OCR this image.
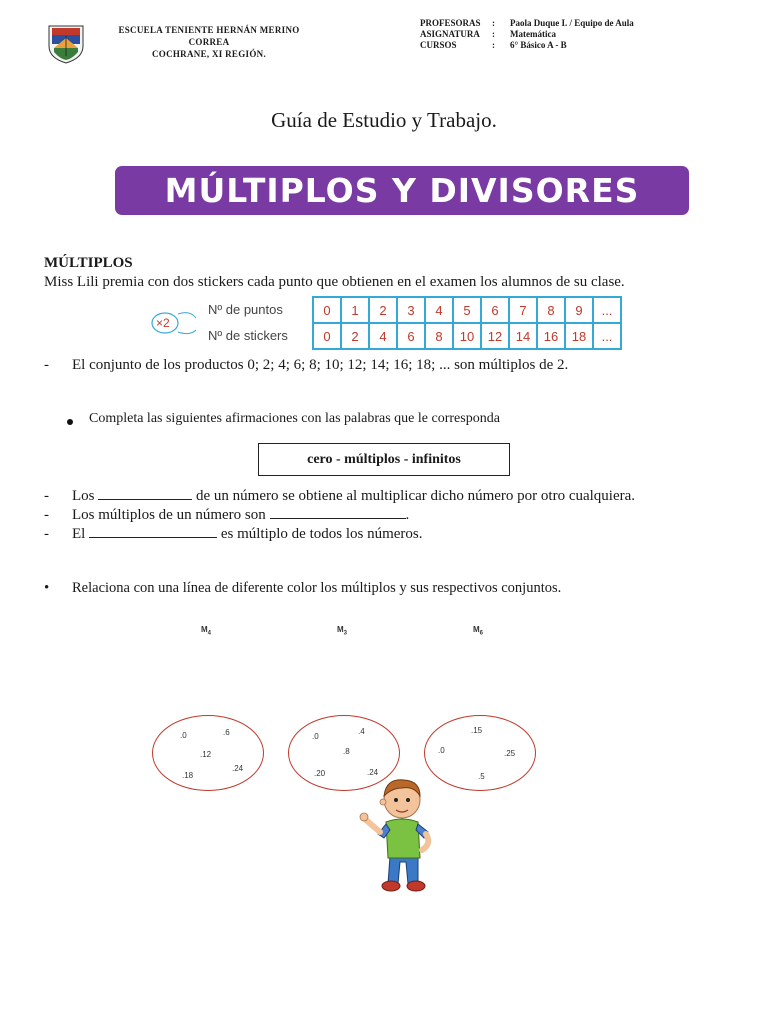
ESCUELA TENIENTE HERNÁN MERINO
CORREA
COCHRANE, XI REGIÓN.
PROFESORAS	:	Paola Duque I. / Equipo de Aula
ASIGNATURA	:	Matemática
CURSOS	:	6° Básico A - B
Guía de Estudio y Trabajo.
MÚLTIPLOS Y DIVISORES
MÚLTIPLOS
Miss Lili premia con dos stickers cada punto que obtienen en el examen los alumnos de su clase.
×2
Nº de puntos
Nº de stickers
0	1	2	3	4	5	6	7	8	9	...
0	2	4	6	8	10	12	14	16	18	...
- El conjunto de los productos 0; 2; 4; 6; 8; 10; 12; 14; 16; 18; ... son múltiplos de 2.
Completa las siguientes afirmaciones con las palabras que le corresponda
cero - múltiplos - infinitos
- Los	de un número se obtiene al multiplicar dicho número por otro cualquiera.
- Los múltiplos de un número son	.
- El	es múltiplo de todos los números.
• Relaciona con una línea de diferente color los múltiplos y sus respectivos conjuntos.
$M_4$	$M_3$	$M_6$
.0	.6
.12
.18
.24
.0
.4
.8
.20	.24
.15
.0	.25
.5
